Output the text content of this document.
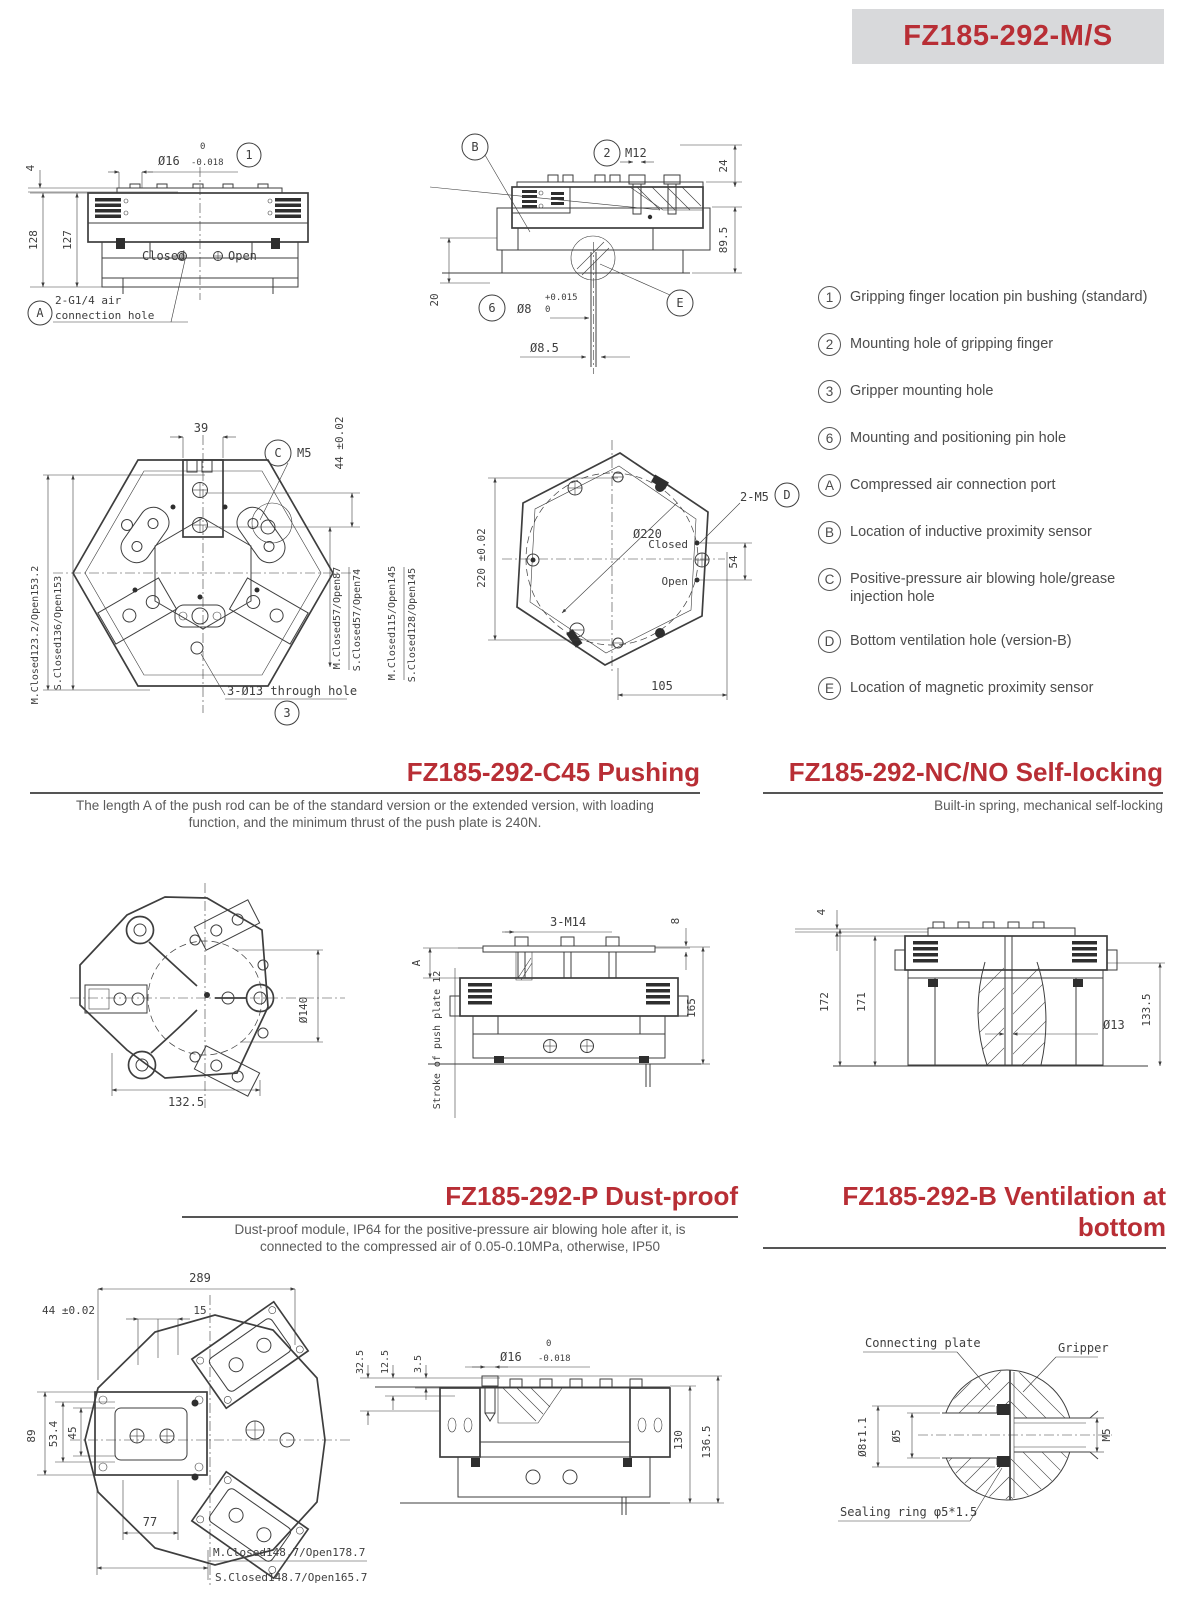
FZ185-292-M/S
Ø16
0
-0.018
1
4
128 127
Closed	Open
A
2-G1/4 air
connection hole
B	2 M12
24
89.5
20
6 Ø8
+0.015
0
Ø8.5
E	1	Gripping finger location pin bushing (standard)
2	Mounting hole of gripping finger
3	Gripper mounting hole
6	Mounting and positioning pin hole
A	Compressed air connection port
B	Location of inductive proximity sensor
C	Positive-pressure air blowing hole/grease injection hole
D	Bottom ventilation hole (version-B)
E	Location of magnetic proximity sensor
39
C M5 44 ±0.02
M.Closed123.2/Open153.2 S.Closed136/Open153	M.Closed57/Open87 S.Closed57/Open74 M.Closed115/Open145 S.Closed128/Open145
3-Ø13 through hole
3
220 ±0.02	Ø220
Closed
Open
2-M5 D
54
105
FZ185-292-C45 Pushing
The length A of the push rod can be of the standard version or the extended version, with loading
function, and the minimum thrust of the push plate is 240N.
FZ185-292-NC/NO Self-locking
Built-in spring, mechanical self-locking
Ø140
132.5
3-M14	8
A
Stroke of push plate 12	165
4
172 171
Ø13 133.5
FZ185-292-P Dust-proof
Dust-proof module, IP64 for the positive-pressure air blowing hole after it, is
connected to the compressed air of 0.05-0.10MPa, otherwise, IP50
FZ185-292-B Ventilation at bottom
289
44 ±0.02	15
89 53.4 45
77
M.Closed148.7/Open178.7
S.Closed148.7/Open165.7
32.5 12.5 3.5	Ø16
0
-0.018
130 136.5
Connecting plate	Gripper
Ø8↧1.1 Ø5	M5
Sealing ring φ5*1.5
